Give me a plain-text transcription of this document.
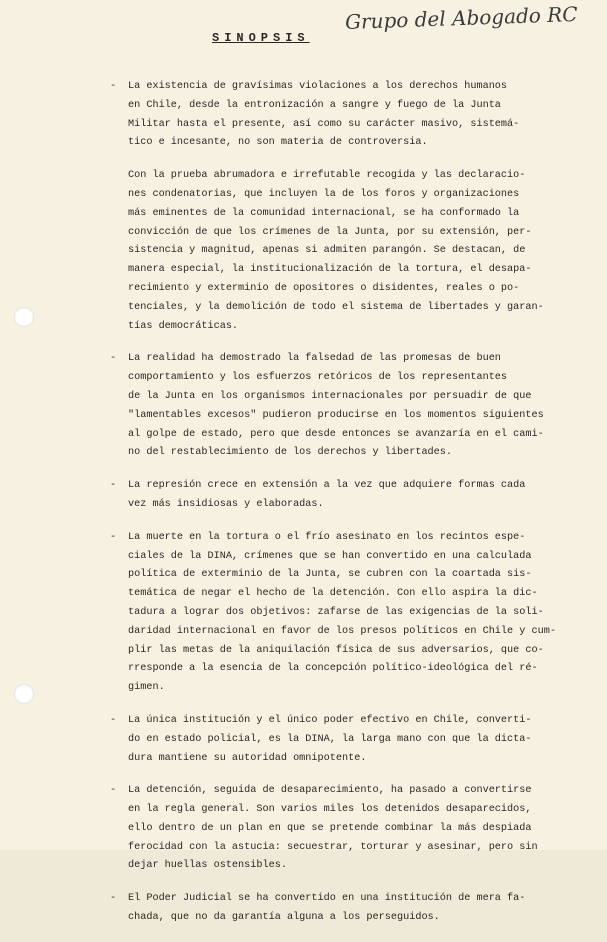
SINOPSIS
Grupo del Abogado RC
- La existencia de gravísimas violaciones a los derechos humanos
en Chile, desde la entronización a sangre y fuego de la Junta
Militar hasta el presente, así como su carácter masivo, sistemá-
tico e incesante, no son materia de controversia.
Con la prueba abrumadora e irrefutable recogida y las declaracio-
nes condenatorias, que incluyen la de los foros y organizaciones
más eminentes de la comunidad internacional, se ha conformado la
convicción de que los crímenes de la Junta, por su extensión, per-
sistencia y magnitud, apenas si admiten parangón. Se destacan, de
manera especial, la institucionalización de la tortura, el desapa-
recimiento y exterminio de opositores o disidentes, reales o po-
tenciales, y la demolición de todo el sistema de libertades y garan-
tías democráticas.
- La realidad ha demostrado la falsedad de las promesas de buen
comportamiento y los esfuerzos retóricos de los representantes
de la Junta en los organismos internacionales por persuadir de que
"lamentables excesos" pudieron producirse en los momentos siguientes
al golpe de estado, pero que desde entonces se avanzaría en el cami-
no del restablecimiento de los derechos y libertades.
- La represión crece en extensión a la vez que adquiere formas cada
vez más insidiosas y elaboradas.
- La muerte en la tortura o el frío asesinato en los recintos espe-
ciales de la DINA, crímenes que se han convertido en una calculada
política de exterminio de la Junta, se cubren con la coartada sis-
temática de negar el hecho de la detención. Con ello aspira la dic-
tadura a lograr dos objetivos: zafarse de las exigencias de la soli-
daridad internacional en favor de los presos políticos en Chile y cum-
plir las metas de la aniquilación física de sus adversarios, que co-
rresponde a la esencia de la concepción político-ideológica del ré-
gimen.
- La única institución y el único poder efectivo en Chile, converti-
do en estado policial, es la DINA, la larga mano con que la dicta-
dura mantiene su autoridad omnipotente.
- La detención, seguida de desaparecimiento, ha pasado a convertirse
en la regla general. Son varios miles los detenidos desaparecidos,
ello dentro de un plan en que se pretende combinar la más despiada
ferocidad con la astucia: secuestrar, torturar y asesinar, pero sin
dejar huellas ostensibles.
- El Poder Judicial se ha convertido en una institución de mera fa-
chada, que no da garantía alguna a los perseguidos.
